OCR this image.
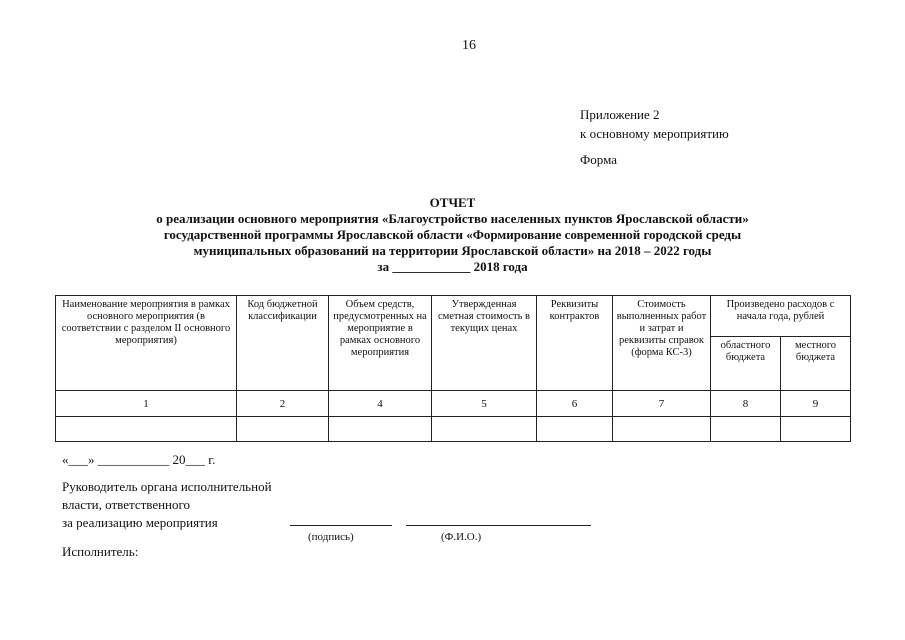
16
Приложение 2
к основному мероприятию
Форма
ОТЧЕТ
о реализации основного мероприятия «Благоустройство населенных пунктов Ярославской области»
государственной программы Ярославской области «Формирование современной городской среды
муниципальных образований на территории Ярославской области» на 2018 – 2022 годы
за ____________ 2018 года
Наименование мероприятия в рамках основного мероприятия (в соответствии с разделом II основного мероприятия)	Код бюджетной классификации	Объем средств, предусмотренных на мероприятие в рамках основного мероприятия	Утвержденная сметная стоимость в текущих ценах	Реквизиты контрактов	Стоимость выполненных работ и затрат и реквизиты справок (форма КС-3)	Произведено расходов с начала года, рублей	
						областного бюджета	местного бюджета
1	2	4	5	6	7	8	9

«___» ___________ 20___ г.
Руководитель органа исполнительной
власти, ответственного
за реализацию мероприятия
(подпись)	(Ф.И.О.)
Исполнитель:
